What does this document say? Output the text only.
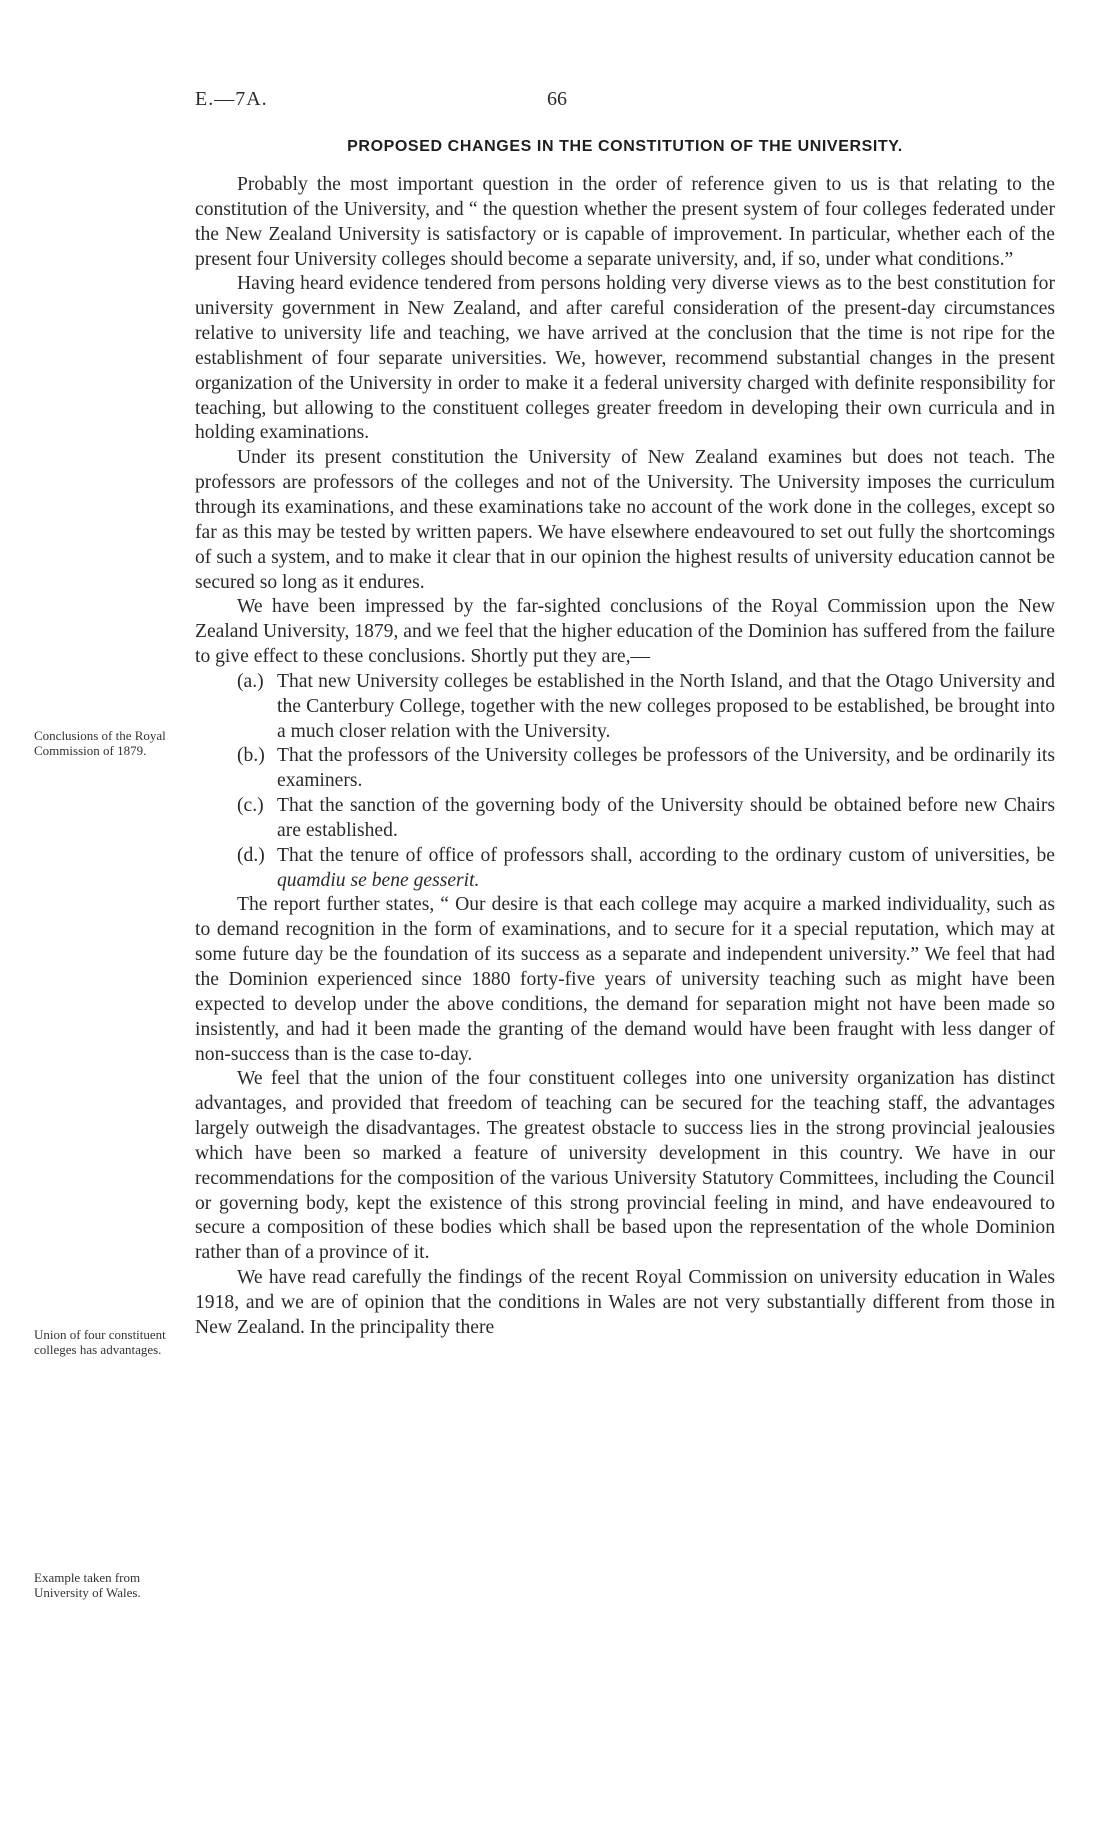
E.—7A.	66
PROPOSED CHANGES IN THE CONSTITUTION OF THE UNIVERSITY.
Conclusions of the Royal Commission of 1879.
Union of four constituent colleges has advantages.
Example taken from University of Wales.

Probably the most important question in the order of reference given to us is that relating to the constitution of the University, and “ the question whether the present system of four colleges federated under the New Zealand University is satisfactory or is capable of improvement. In particular, whether each of the present four University colleges should become a separate university, and, if so, under what conditions.”

Having heard evidence tendered from persons holding very diverse views as to the best constitution for university government in New Zealand, and after careful consideration of the present-day circumstances relative to university life and teaching, we have arrived at the conclusion that the time is not ripe for the establishment of four separate universities. We, however, recommend substantial changes in the present organization of the University in order to make it a federal university charged with definite responsibility for teaching, but allowing to the constituent colleges greater freedom in developing their own curricula and in holding examinations.

Under its present constitution the University of New Zealand examines but does not teach. The professors are professors of the colleges and not of the University. The University imposes the curriculum through its examinations, and these examinations take no account of the work done in the colleges, except so far as this may be tested by written papers. We have elsewhere endeavoured to set out fully the shortcomings of such a system, and to make it clear that in our opinion the highest results of university education cannot be secured so long as it endures.

We have been impressed by the far-sighted conclusions of the Royal Commission upon the New Zealand University, 1879, and we feel that the higher education of the Dominion has suffered from the failure to give effect to these conclusions. Shortly put they are,—

(a.) That new University colleges be established in the North Island, and that the Otago University and the Canterbury College, together with the new colleges proposed to be established, be brought into a much closer relation with the University.

(b.) That the professors of the University colleges be professors of the University, and be ordinarily its examiners.

(c.) That the sanction of the governing body of the University should be obtained before new Chairs are established.

(d.) That the tenure of office of professors shall, according to the ordinary custom of universities, be quamdiu se bene gesserit.

The report further states, “ Our desire is that each college may acquire a marked individuality, such as to demand recognition in the form of examinations, and to secure for it a special reputation, which may at some future day be the foundation of its success as a separate and independent university.” We feel that had the Dominion experienced since 1880 forty-five years of university teaching such as might have been expected to develop under the above conditions, the demand for separation might not have been made so insistently, and had it been made the granting of the demand would have been fraught with less danger of non-success than is the case to-day.

We feel that the union of the four constituent colleges into one university organization has distinct advantages, and provided that freedom of teaching can be secured for the teaching staff, the advantages largely outweigh the disadvantages. The greatest obstacle to success lies in the strong provincial jealousies which have been so marked a feature of university development in this country. We have in our recommendations for the composition of the various University Statutory Committees, including the Council or governing body, kept the existence of this strong provincial feeling in mind, and have endeavoured to secure a composition of these bodies which shall be based upon the representation of the whole Dominion rather than of a province of it.

We have read carefully the findings of the recent Royal Commission on university education in Wales 1918, and we are of opinion that the conditions in Wales are not very substantially different from those in New Zealand. In the principality there
